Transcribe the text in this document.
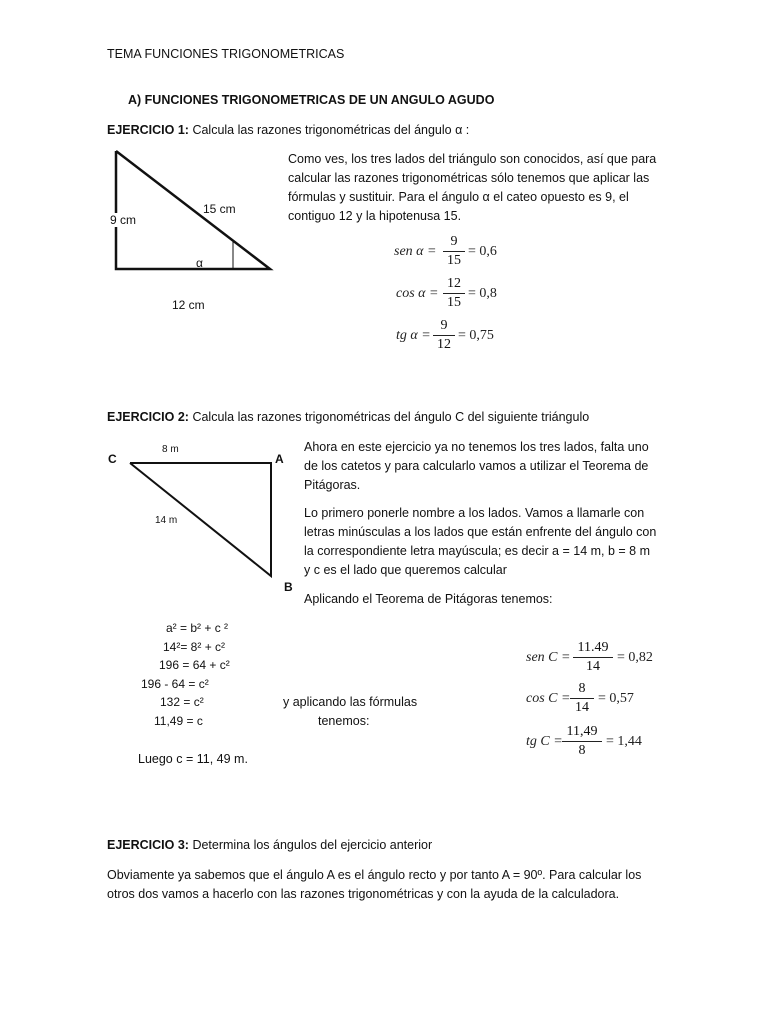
TEMA FUNCIONES TRIGONOMETRICAS
A) FUNCIONES TRIGONOMETRICAS DE UN ANGULO AGUDO
EJERCICIO 1: Calcula las razones trigonométricas del ángulo α :
9 cm
15 cm
α
12 cm
Como ves, los tres lados del triángulo son conocidos, así que para
calcular las razones trigonométricas sólo tenemos que aplicar las
fórmulas y sustituir. Para el ángulo α el cateo opuesto es 9, el
contiguo 12 y la hipotenusa 15.
sen α =
9
15
= 0,6
cos α =
12
15
= 0,8
tg α =
9
12
= 0,75
EJERCICIO 2: Calcula las razones trigonométricas del ángulo C del siguiente triángulo
8 m
C	A
14 m
B
Ahora en este ejercicio ya no tenemos los tres lados, falta uno
de los catetos y para calcularlo vamos a utilizar el Teorema de
Pitágoras.
Lo primero ponerle nombre a los lados. Vamos a llamarle con
letras minúsculas a los lados que están enfrente del ángulo con
la correspondiente letra mayúscula; es decir a = 14 m, b = 8 m
y c es el lado que queremos calcular
Aplicando el Teorema de Pitágoras tenemos:
a² = b² + c ²
14²= 8² + c²
196 = 64 + c²
196 - 64 = c²
132 = c²
11,49 = c
y aplicando las fórmulas
tenemos:
Luego c = 11, 49 m.
sen C =
11.49
14
= 0,82
cos C =
8
14
= 0,57
tg C =
11,49
8
= 1,44
EJERCICIO 3: Determina los ángulos del ejercicio anterior
Obviamente ya sabemos que el ángulo A es el ángulo recto y por tanto A = 90º. Para calcular los
otros dos vamos a hacerlo con las razones trigonométricas y con la ayuda de la calculadora.
